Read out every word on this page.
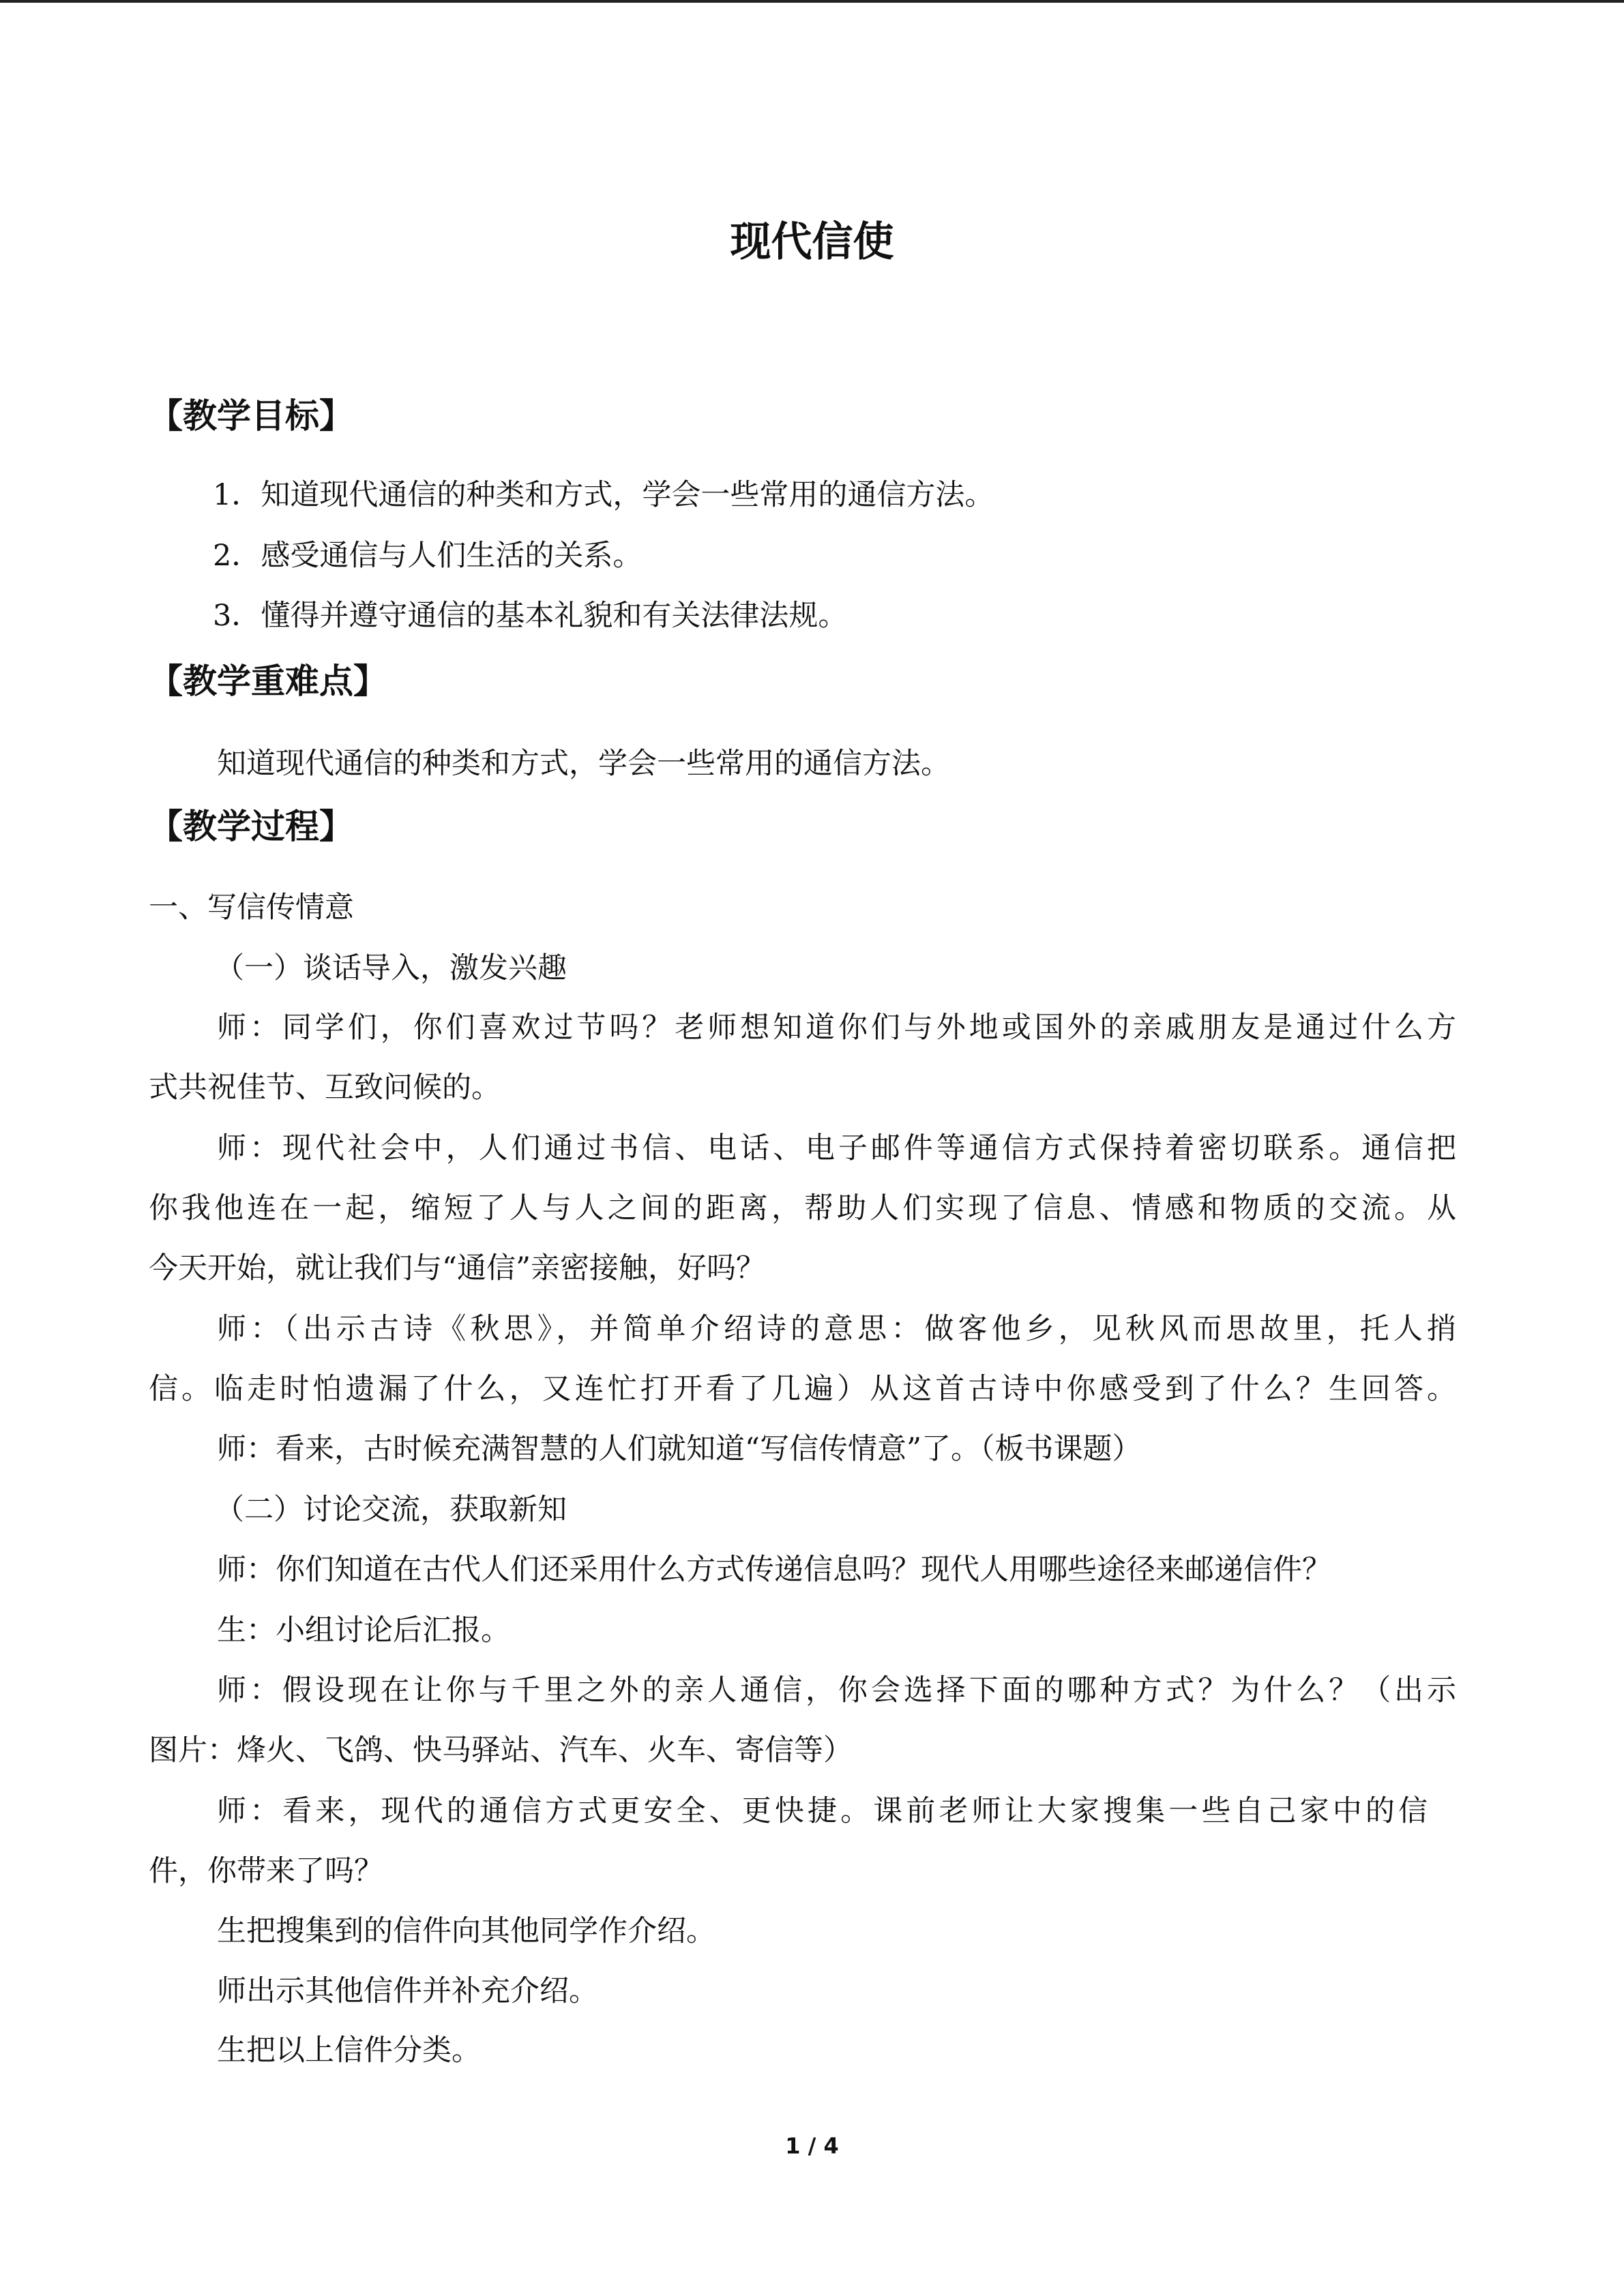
现代信使
【教学目标】
1．知道现代通信的种类和方式，学会一些常用的通信方法。
2．感受通信与人们生活的关系。
3．懂得并遵守通信的基本礼貌和有关法律法规。
【教学重难点】
知道现代通信的种类和方式，学会一些常用的通信方法。
【教学过程】
一、写信传情意
（一）谈话导入，激发兴趣
师：同学们，你们喜欢过节吗？老师想知道你们与外地或国外的亲戚朋友是通过什么方
式共祝佳节、互致问候的。
师：现代社会中，人们通过书信、电话、电子邮件等通信方式保持着密切联系。通信把
你我他连在一起，缩短了人与人之间的距离，帮助人们实现了信息、情感和物质的交流。从
今天开始，就让我们与“通信”亲密接触，好吗？
师：（出示古诗《秋思》，并简单介绍诗的意思：做客他乡，见秋风而思故里，托人捎
信。临走时怕遗漏了什么，又连忙打开看了几遍）从这首古诗中你感受到了什么？生回答。
师：看来，古时候充满智慧的人们就知道“写信传情意”了。（板书课题）
（二）讨论交流，获取新知
师：你们知道在古代人们还采用什么方式传递信息吗？现代人用哪些途径来邮递信件？
生：小组讨论后汇报。
师：假设现在让你与千里之外的亲人通信，你会选择下面的哪种方式？为什么？（出示
图片：烽火、飞鸽、快马驿站、汽车、火车、寄信等）
师：看来，现代的通信方式更安全、更快捷。课前老师让大家搜集一些自己家中的信
件，你带来了吗？
生把搜集到的信件向其他同学作介绍。
师出示其他信件并补充介绍。
生把以上信件分类。
1 / 4
